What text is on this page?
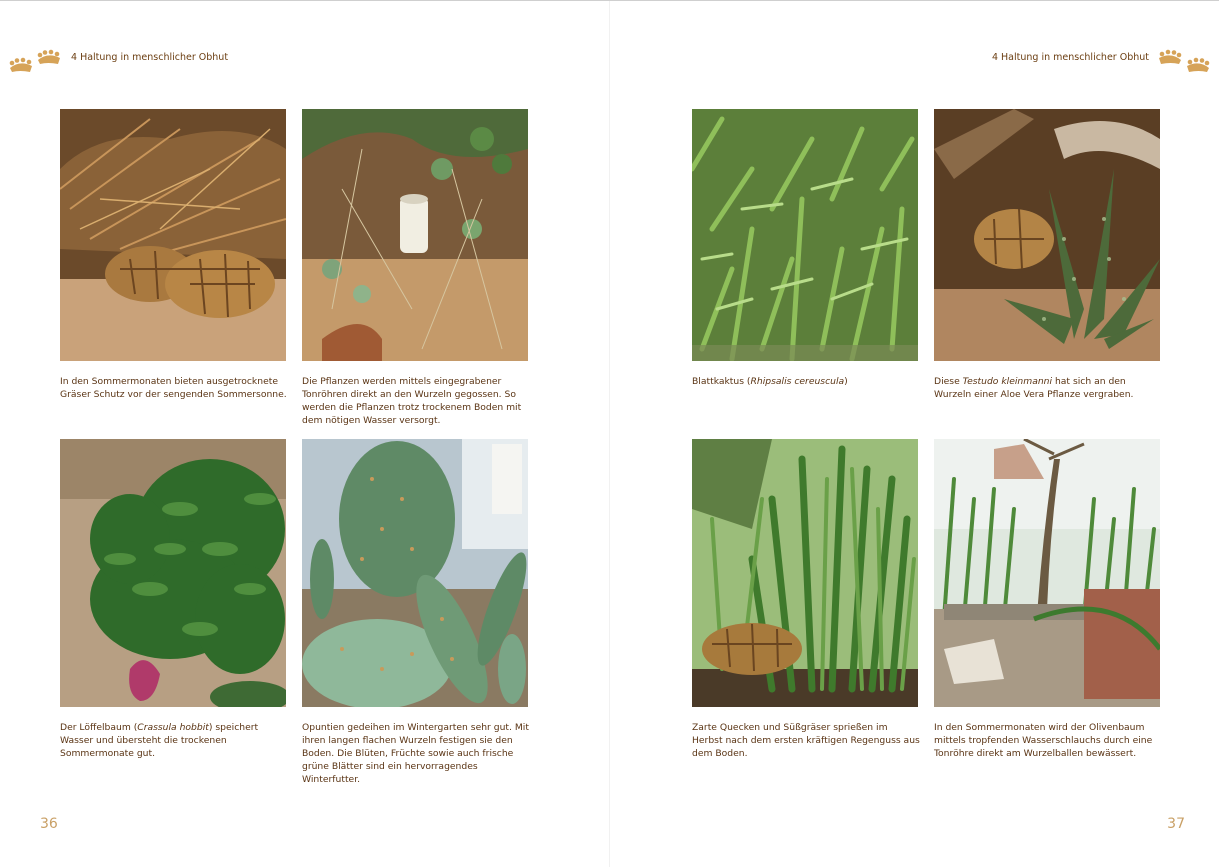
4 Haltung in menschlicher Obhut	4 Haltung in menschlicher Obhut
In den Sommermonaten bieten ausgetrocknete Gräser Schutz vor der sengenden Sommersonne.
Die Pflanzen werden mittels eingegrabener Tonröhren direkt an den Wurzeln gegossen. So werden die Pflanzen trotz trockenem Boden mit dem nötigen Wasser versorgt.
Blattkaktus (Rhipsalis cereuscula)	Diese Testudo kleinmanni hat sich an den Wurzeln einer Aloe Vera Pflanze vergraben.
Der Löffelbaum (Crassula hobbit) speichert Wasser und übersteht die trockenen Sommermonate gut.
Opuntien gedeihen im Wintergarten sehr gut. Mit ihren langen flachen Wurzeln festigen sie den Boden. Die Blüten, Früchte sowie auch frische grüne Blätter sind ein hervorragendes Winterfutter.
Zarte Quecken und Süßgräser sprießen im Herbst nach dem ersten kräftigen Regenguss aus dem Boden.
In den Sommermonaten wird der Olivenbaum mittels tropfenden Wasserschlauchs durch eine Tonröhre direkt am Wurzelballen bewässert.
36	37
